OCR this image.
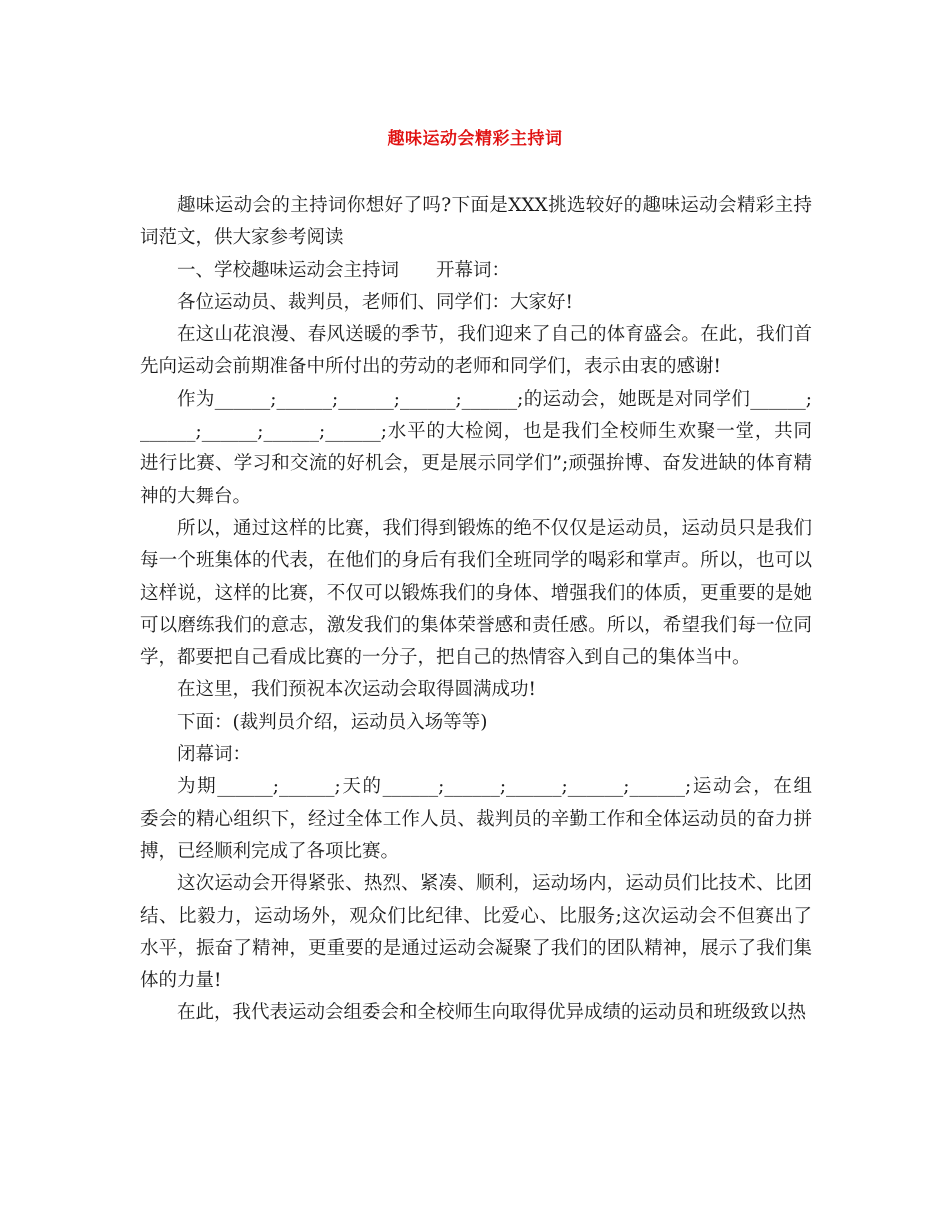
趣味运动会精彩主持词

趣味运动会的主持词你想好了吗?下面是XXX挑选较好的趣味运动会精彩主持词范文，供大家参考阅读

一、学校趣味运动会主持词　　开幕词：

各位运动员、裁判员，老师们、同学们：大家好!

在这山花浪漫、春风送暖的季节，我们迎来了自己的体育盛会。在此，我们首先向运动会前期准备中所付出的劳动的老师和同学们，表示由衷的感谢!

作为______;______;______;______;______;的运动会，她既是对同学们______;______;______;______;______;水平的大检阅，也是我们全校师生欢聚一堂，共同进行比赛、学习和交流的好机会，更是展示同学们”;顽强拚博、奋发进缺的体育精神的大舞台。

所以，通过这样的比赛，我们得到锻炼的绝不仅仅是运动员，运动员只是我们每一个班集体的代表，在他们的身后有我们全班同学的喝彩和掌声。所以，也可以这样说，这样的比赛，不仅可以锻炼我们的身体、增强我们的体质，更重要的是她可以磨练我们的意志，激发我们的集体荣誉感和责任感。所以，希望我们每一位同学，都要把自己看成比赛的一分子，把自己的热情容入到自己的集体当中。

在这里，我们预祝本次运动会取得圆满成功!

下面：(裁判员介绍，运动员入场等等)

闭幕词：

为期______;______;天的______;______;______;______;______;运动会，在组委会的精心组织下，经过全体工作人员、裁判员的辛勤工作和全体运动员的奋力拼搏，已经顺利完成了各项比赛。

这次运动会开得紧张、热烈、紧凑、顺利，运动场内，运动员们比技术、比团结、比毅力，运动场外，观众们比纪律、比爱心、比服务;这次运动会不但赛出了水平，振奋了精神，更重要的是通过运动会凝聚了我们的团队精神，展示了我们集体的力量!

在此，我代表运动会组委会和全校师生向取得优异成绩的运动员和班级致以热
